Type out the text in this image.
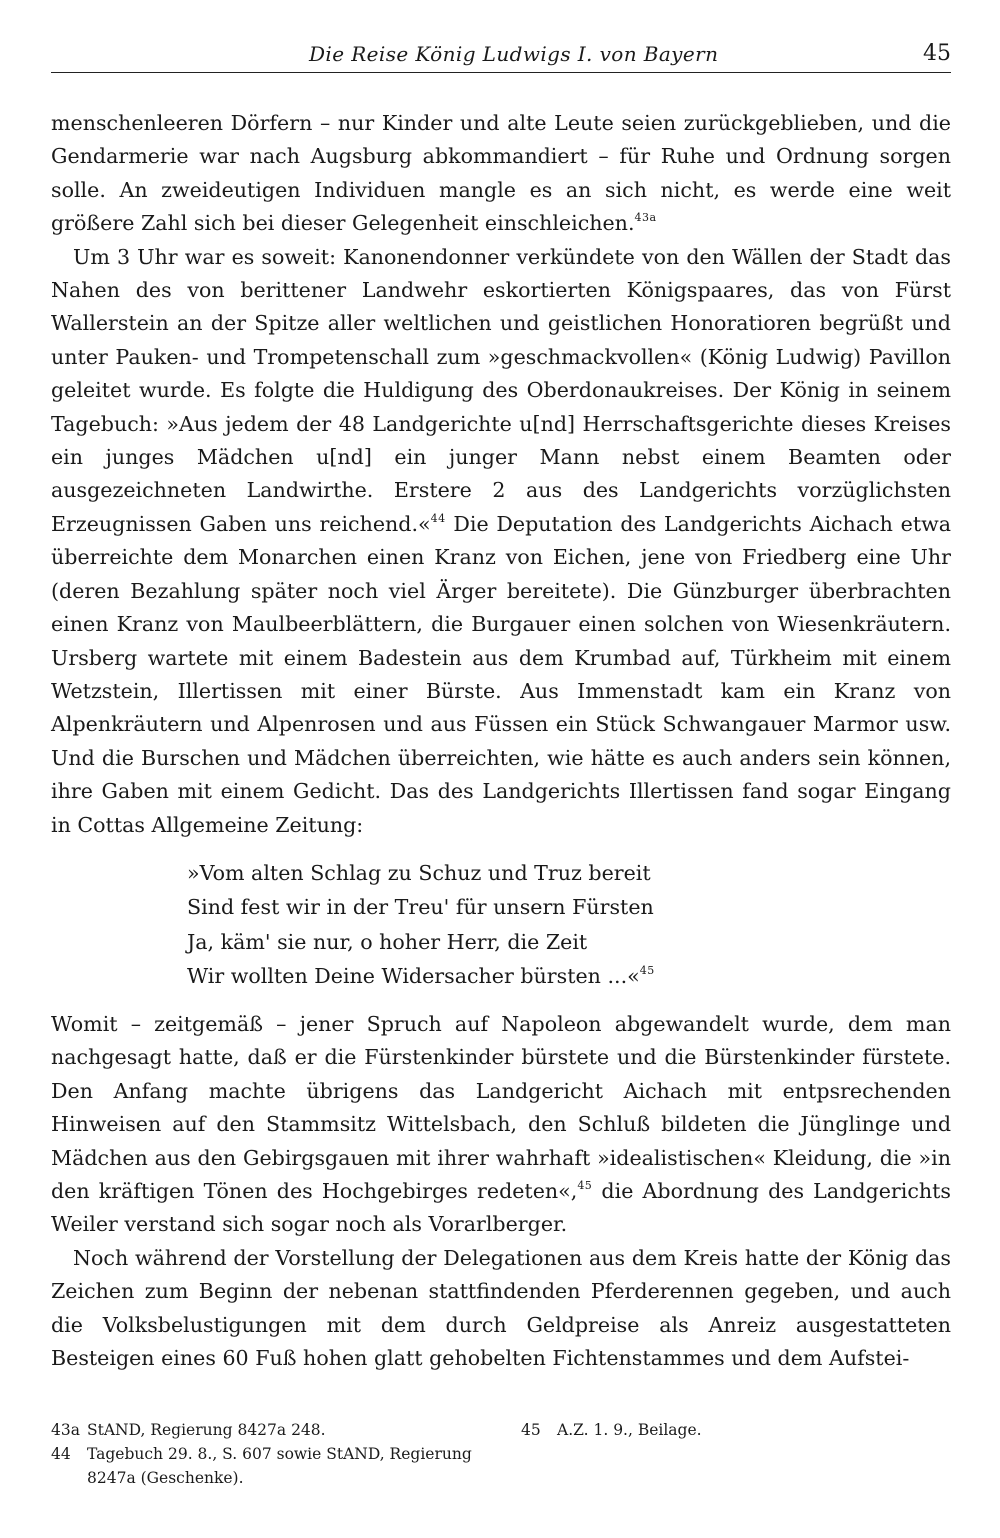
Die Reise König Ludwigs I. von Bayern	45

menschenleeren Dörfern – nur Kinder und alte Leute seien zurückgeblieben, und die Gendarmerie war nach Augsburg abkommandiert – für Ruhe und Ordnung sorgen solle. An zweideutigen Individuen mangle es an sich nicht, es werde eine weit größere Zahl sich bei dieser Gelegenheit einschleichen.$^{43a}$

Um 3 Uhr war es soweit: Kanonendonner verkündete von den Wällen der Stadt das Nahen des von berittener Landwehr eskortierten Königspaares, das von Fürst Wallerstein an der Spitze aller weltlichen und geistlichen Honoratioren begrüßt und unter Pauken- und Trompetenschall zum »geschmackvollen« (König Ludwig) Pavillon geleitet wurde. Es folgte die Huldigung des Oberdonaukreises. Der König in seinem Tagebuch: »Aus jedem der 48 Landgerichte u[nd] Herrschaftsgerichte dieses Kreises ein junges Mädchen u[nd] ein junger Mann nebst einem Beamten oder ausgezeichneten Landwirthe. Erstere 2 aus des Landgerichts vorzüglichsten Erzeugnissen Gaben uns reichend.«$^{44}$ Die Deputation des Landgerichts Aichach etwa überreichte dem Monarchen einen Kranz von Eichen, jene von Friedberg eine Uhr (deren Bezahlung später noch viel Ärger bereitete). Die Günzburger überbrachten einen Kranz von Maulbeerblättern, die Burgauer einen solchen von Wiesenkräutern. Ursberg wartete mit einem Badestein aus dem Krumbad auf, Türkheim mit einem Wetzstein, Illertissen mit einer Bürste. Aus Immenstadt kam ein Kranz von Alpenkräutern und Alpenrosen und aus Füssen ein Stück Schwangauer Marmor usw. Und die Burschen und Mädchen überreichten, wie hätte es auch anders sein können, ihre Gaben mit einem Gedicht. Das des Landgerichts Illertissen fand sogar Eingang in Cottas Allgemeine Zeitung:

»Vom alten Schlag zu Schuz und Truz bereit
Sind fest wir in der Treu' für unsern Fürsten
Ja, käm' sie nur, o hoher Herr, die Zeit
Wir wollten Deine Widersacher bürsten ...«$^{45}$

Womit – zeitgemäß – jener Spruch auf Napoleon abgewandelt wurde, dem man nachgesagt hatte, daß er die Fürstenkinder bürstete und die Bürstenkinder fürstete. Den Anfang machte übrigens das Landgericht Aichach mit entpsrechenden Hinweisen auf den Stammsitz Wittelsbach, den Schluß bildeten die Jünglinge und Mädchen aus den Gebirgsgauen mit ihrer wahrhaft »idealistischen« Kleidung, die »in den kräftigen Tönen des Hochgebirges redeten«,$^{45}$ die Abordnung des Landgerichts Weiler verstand sich sogar noch als Vorarlberger.

Noch während der Vorstellung der Delegationen aus dem Kreis hatte der König das Zeichen zum Beginn der nebenan stattfindenden Pferderennen gegeben, und auch die Volksbelustigungen mit dem durch Geldpreise als Anreiz ausgestatteten Besteigen eines 60 Fuß hohen glatt gehobelten Fichtenstammes und dem Aufstei-

43a StAND, Regierung 8427a 248.
44	Tagebuch 29. 8., S. 607 sowie StAND, Regierung 8247a (Geschenke).
45	A.Z. 1. 9., Beilage.
